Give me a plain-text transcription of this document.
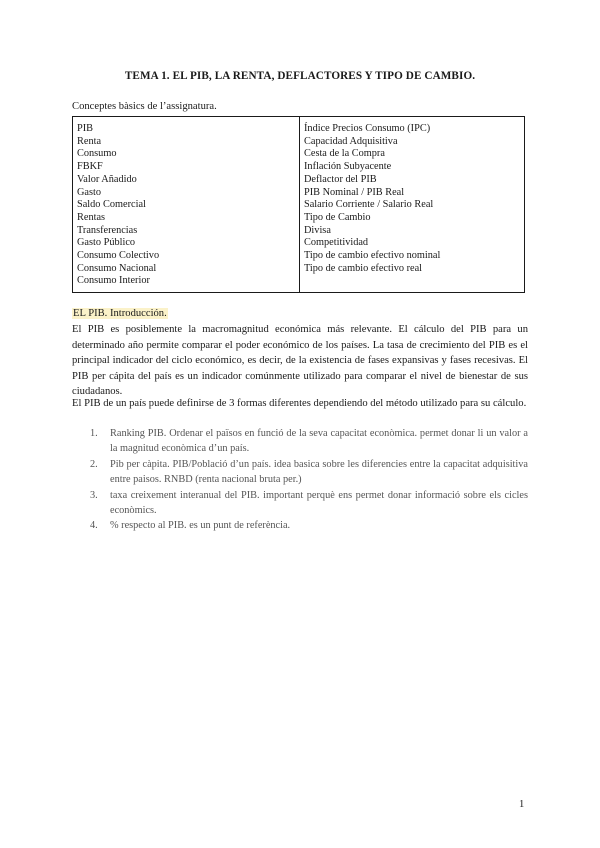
TEMA 1. EL PIB, LA RENTA, DEFLACTORES Y TIPO DE CAMBIO.
Conceptes bàsics de l’assignatura.
PIB
Renta
Consumo
FBKF
Valor Añadido
Gasto
Saldo Comercial
Rentas
Transferencias
Gasto Público
Consumo Colectivo
Consumo Nacional
Consumo Interior
Índice Precios Consumo (IPC)
Capacidad Adquisitiva
Cesta de la Compra
Inflación Subyacente
Deflactor del PIB
PIB Nominal / PIB Real
Salario Corriente / Salario Real
Tipo de Cambio
Divisa
Competitividad
Tipo de cambio efectivo nominal
Tipo de cambio efectivo real
EL PIB. Introducción.

El PIB es posiblemente la macromagnitud económica más relevante. El cálculo del PIB para un determinado año permite comparar el poder económico de los países. La tasa de crecimiento del PIB es el principal indicador del ciclo económico, es decir, de la existencia de fases expansivas y fases recesivas. El PIB per cápita del país es un indicador comúnmente utilizado para comparar el nivel de bienestar de sus ciudadanos.

El PIB de un país puede definirse de 3 formas diferentes dependiendo del método utilizado para su cálculo.

1. Ranking PIB. Ordenar el països en funció de la seva capacitat econòmica. permet donar li un valor a la magnitud econòmica d’un país.
2. Pib per càpita. PIB/Població d’un país. idea basica sobre les diferencies entre la capacitat adquisitiva entre paisos. RNBD (renta nacional bruta per.)
3. taxa creixement interanual del PIB. important perquè ens permet donar informació sobre els cicles econòmics.
4. % respecto al PIB. es un punt de referència.
1
